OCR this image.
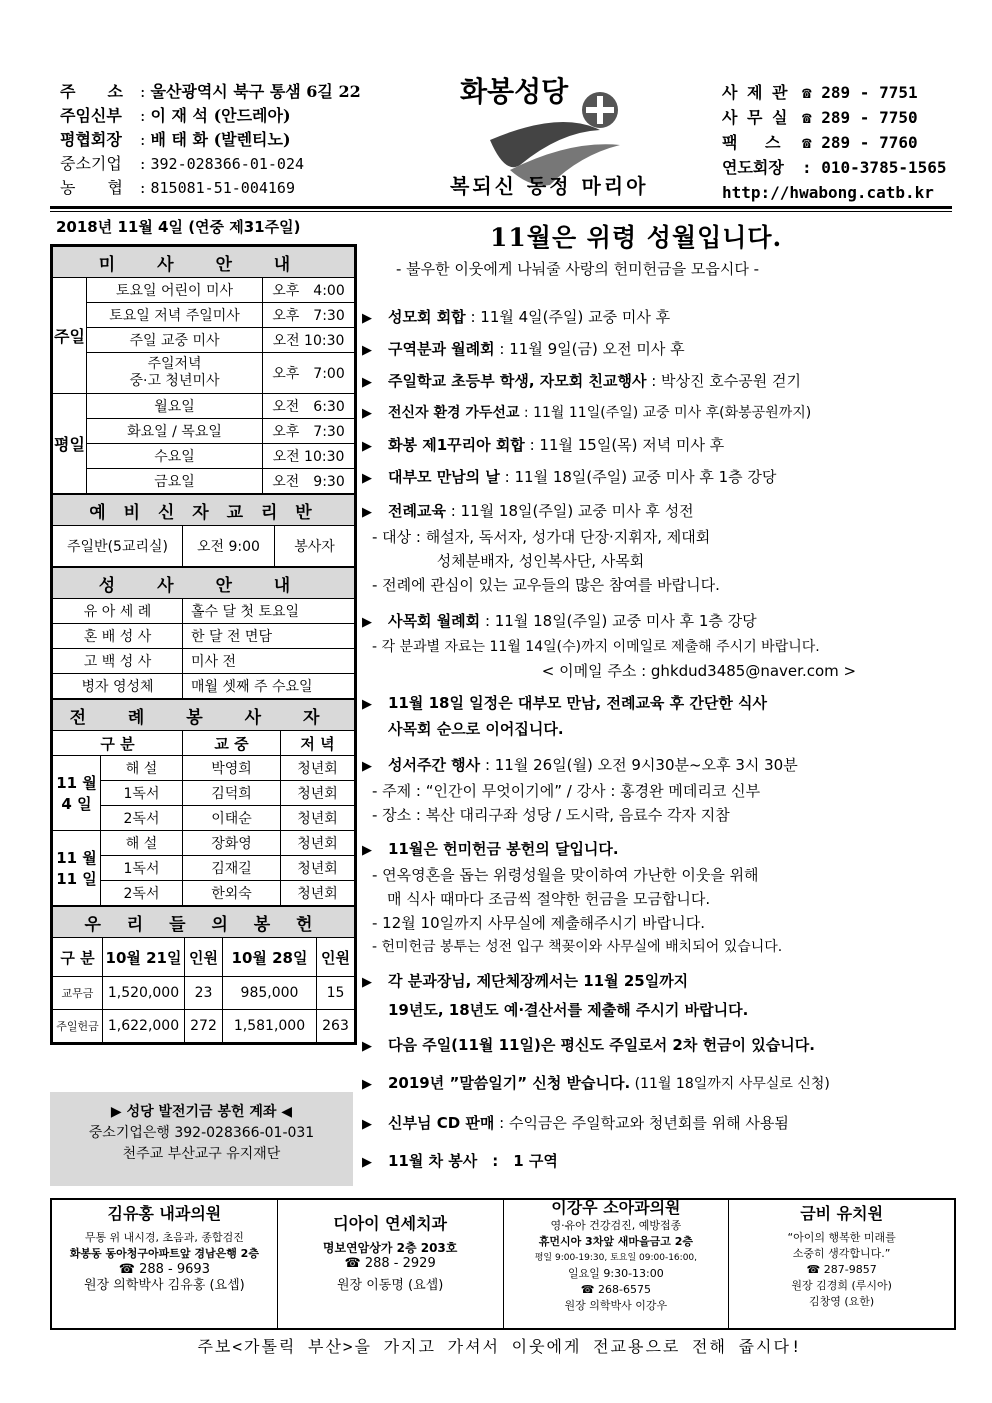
주　　소	: 울산광역시 북구 통샘 6길 22
주임신부	: 이 재 석 (안드레아)
평협회장	: 배 태 화 (발렌티노)
중소기업	: 392-028366-01-024
농　　협	: 815081-51-004169
화봉성당
복되신 동정 마리아
사 제 관 ☎ 289 - 7751
사 무 실 ☎ 289 - 7750
팩　 스	☎ 289 - 7760
연도회장	: 010-3785-1565
http://hwabong.catb.kr
2018년 11월 4일 (연중 제31주일)
미 사 안 내		
주일	토요일 어린이 미사	오후　4:00
	토요일 저녁 주일미사	오후　7:30
	주일 교중 미사	오전 10:30
	주일저녁
중·고 청년미사	오후　7:00
평일	월요일	오전　6:30
	화요일 / 목요일	오후　7:30
	수요일	오전 10:30
	금요일	오전　9:30
예 비 신 자 교 리 반
주일반(5교리실)	오전 9:00	봉사자
성 사 안 내	
유 아 세 례	홀수 달 첫 토요일
혼 배 성 사	한 달 전 면담
고 백 성 사	미사 전
병자 영성체	매월 셋째 주 수요일
전 례 봉 사 자			
구 분		교 중	저 녁
11 월
4 일	해 설	박영희	청년회
	1독서	김덕희	청년회
	2독서	이태순	청년회
11 월
11 일	해 설	장화영	청년회
	1독서	김재길	청년회
	2독서	한외숙	청년회
우 리 들 의 봉 헌				
구 분	10월 21일	인원	10월 28일	인원
교무금	1,520,000	23	985,000	15
주일헌금	1,622,000	272	1,581,000	263
▶ 성당 발전기금 봉헌 계좌 ◀
중소기업은행 392-028366-01-031
천주교 부산교구 유지재단
11월은 위령 성월입니다.
- 불우한 이웃에게 나눠줄 사랑의 헌미헌금을 모읍시다 -
▶ 성모회 회합 : 11월 4일(주일) 교중 미사 후
▶ 구역분과 월례회 : 11월 9일(금) 오전 미사 후
▶ 주일학교 초등부 학생, 자모회 친교행사 : 박상진 호수공원 걷기
▶ 전신자 환경 가두선교 : 11월 11일(주일) 교중 미사 후(화봉공원까지)
▶ 화봉 제1꾸리아 회합 : 11월 15일(목) 저녁 미사 후
▶ 대부모 만남의 날 : 11월 18일(주일) 교중 미사 후 1층 강당
▶ 전례교육 : 11월 18일(주일) 교중 미사 후 성전
- 대상 : 해설자, 독서자, 성가대 단장·지휘자, 제대회
　　　　 성체분배자, 성인복사단, 사목회
- 전례에 관심이 있는 교우들의 많은 참여를 바랍니다.
▶ 사목회 월례회 : 11월 18일(주일) 교중 미사 후 1층 강당
- 각 분과별 자료는 11월 14일(수)까지 이메일로 제출해 주시기 바랍니다.
　　　　　　　　　　　 < 이메일 주소 : ghkdud3485@naver.com >
▶ 11월 18일 일정은 대부모 만남, 전례교육 후 간단한 식사
사목회 순으로 이어집니다.
▶ 성서주간 행사 : 11월 26일(월) 오전 9시30분~오후 3시 30분
- 주제 : “인간이 무엇이기에” / 강사 : 홍경완 메데리코 신부
- 장소 : 복산 대리구좌 성당 / 도시락, 음료수 각자 지참
▶ 11월은 헌미헌금 봉헌의 달입니다.
- 연옥영혼을 돕는 위령성월을 맞이하여 가난한 이웃을 위해
　매 식사 때마다 조금씩 절약한 헌금을 모금합니다.
- 12월 10일까지 사무실에 제출해주시기 바랍니다.
- 헌미헌금 봉투는 성전 입구 책꽂이와 사무실에 배치되어 있습니다.
▶ 각 분과장님, 제단체장께서는 11월 25일까지
19년도, 18년도 예·결산서를 제출해 주시기 바랍니다.
▶ 다음 주일(11월 11일)은 평신도 주일로서 2차 헌금이 있습니다.
▶ 2019년 ”말씀일기” 신청 받습니다. (11월 18일까지 사무실로 신청)
▶ 신부님 CD 판매 : 수익금은 주일학교와 청년회를 위해 사용됨
▶ 11월 차 봉사　:　1 구역
김유홍 내과의원
무통 위 내시경, 초음과, 종합검진
화봉동 동아청구아파트앞 경남은행 2층
☎ 288 - 9693
원장 의학박사 김유홍 (요셉)
디아이 연세치과
명보연암상가 2층 203호
☎ 288 - 2929
원장 이동명 (요셉)
이강우 소아과의원
영·유아 건강검진, 예방접종
휴먼시아 3차앞 새마을금고 2층
평일 9:00-19:30, 토요일 09:00-16:00,
일요일 9:30-13:00
☎ 268-6575
원장 의학박사 이강우
금비 유치원
“아이의 행복한 미래를
소중히 생각합니다.”
☎ 287-9857
원장 김경희 (루시아)
김창영 (요한)
주보<가톨릭 부산>을 가지고 가셔서 이웃에게 전교용으로 전해 줍시다!
